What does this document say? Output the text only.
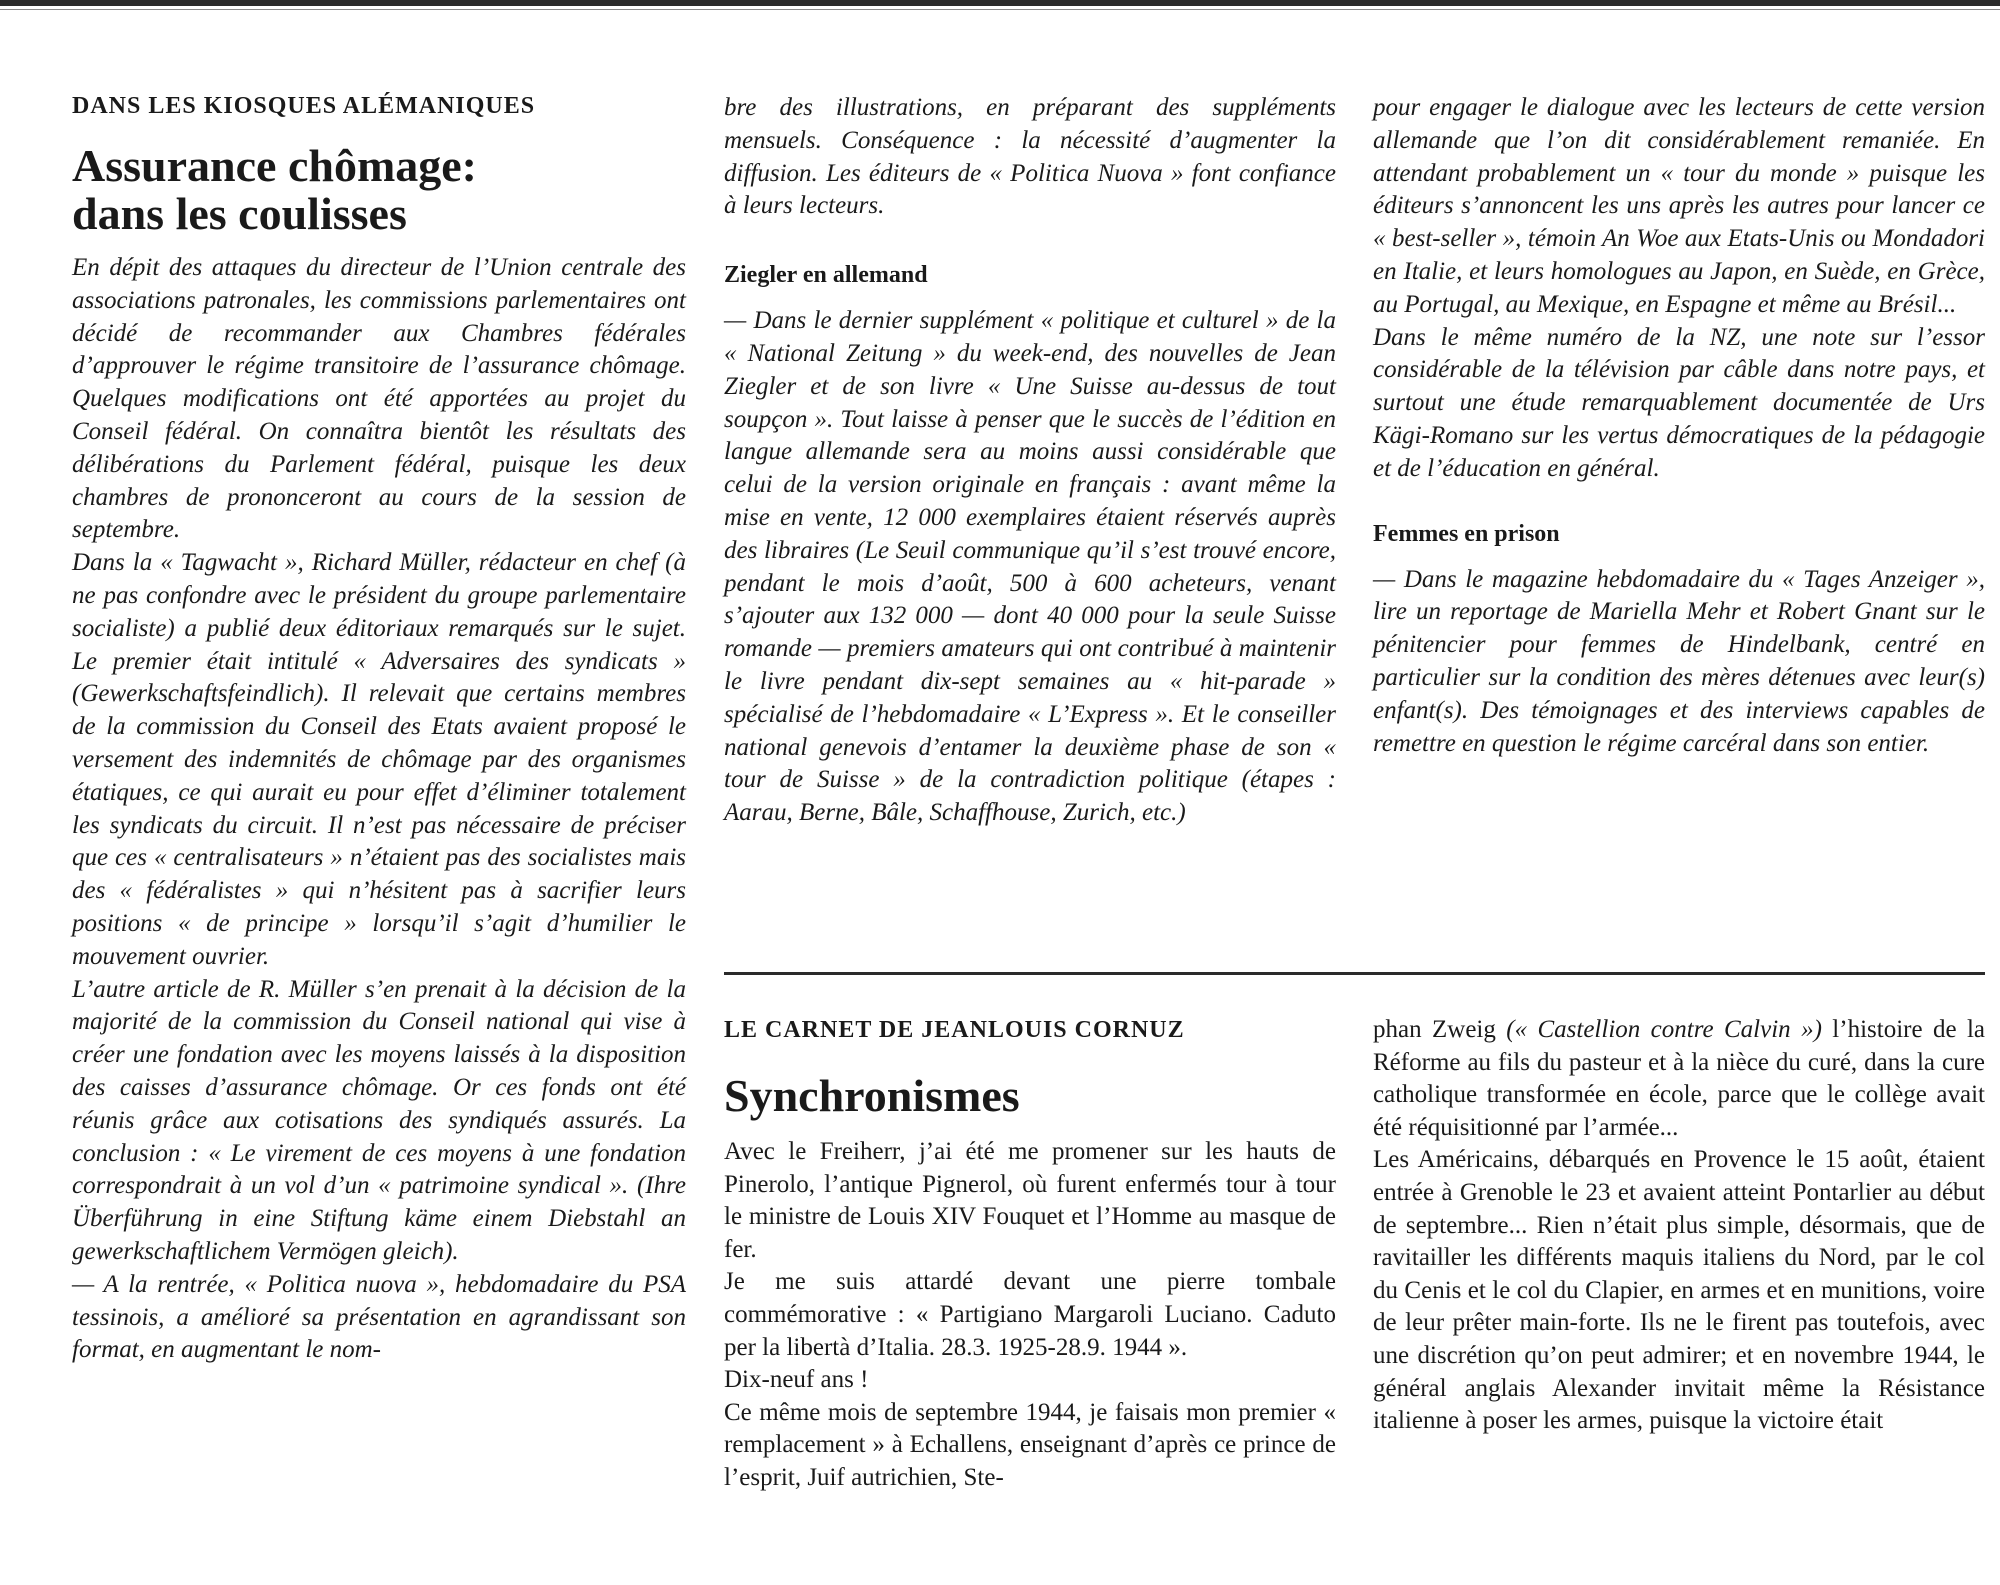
DANS LES KIOSQUES ALÉMANIQUES
Assurance chômage:
dans les coulisses

En dépit des attaques du directeur de l’Union centrale des associations patronales, les commissions parlementaires ont décidé de recommander aux Chambres fédérales d’approuver le régime transitoire de l’assurance chômage. Quelques modifications ont été apportées au projet du Conseil fédéral. On connaîtra bientôt les résultats des délibérations du Parlement fédéral, puisque les deux chambres de prononceront au cours de la session de septembre.

Dans la « Tagwacht », Richard Müller, rédacteur en chef (à ne pas confondre avec le président du groupe parlementaire socialiste) a publié deux éditoriaux remarqués sur le sujet. Le premier était intitulé « Adversaires des syndicats » (Gewerkschaftsfeindlich). Il relevait que certains membres de la commission du Conseil des Etats avaient proposé le versement des indemnités de chômage par des organismes étatiques, ce qui aurait eu pour effet d’éliminer totalement les syndicats du circuit. Il n’est pas nécessaire de préciser que ces « centralisateurs » n’étaient pas des socialistes mais des « fédéralistes » qui n’hésitent pas à sacrifier leurs positions « de principe » lorsqu’il s’agit d’humilier le mouvement ouvrier.

L’autre article de R. Müller s’en prenait à la décision de la majorité de la commission du Conseil national qui vise à créer une fondation avec les moyens laissés à la disposition des caisses d’assurance chômage. Or ces fonds ont été réunis grâce aux cotisations des syndiqués assurés. La conclusion : « Le virement de ces moyens à une fondation correspondrait à un vol d’un « patrimoine syndical ». (Ihre Überführung in eine Stiftung käme einem Diebstahl an gewerkschaftlichem Vermögen gleich).

— A la rentrée, « Politica nuova », hebdomadaire du PSA tessinois, a amélioré sa présentation en agrandissant son format, en augmentant le nom-

bre des illustrations, en préparant des suppléments mensuels. Conséquence : la nécessité d’augmenter la diffusion. Les éditeurs de « Politica Nuova » font confiance à leurs lecteurs.

Ziegler en allemand

— Dans le dernier supplément « politique et culturel » de la « National Zeitung » du week-end, des nouvelles de Jean Ziegler et de son livre « Une Suisse au-dessus de tout soupçon ». Tout laisse à penser que le succès de l’édition en langue allemande sera au moins aussi considérable que celui de la version originale en français : avant même la mise en vente, 12 000 exemplaires étaient réservés auprès des libraires (Le Seuil communique qu’il s’est trouvé encore, pendant le mois d’août, 500 à 600 acheteurs, venant s’ajouter aux 132 000 — dont 40 000 pour la seule Suisse romande — premiers amateurs qui ont contribué à maintenir le livre pendant dix-sept semaines au « hit-parade » spécialisé de l’hebdomadaire « L’Express ». Et le conseiller national genevois d’entamer la deuxième phase de son « tour de Suisse » de la contradiction politique (étapes : Aarau, Berne, Bâle, Schaffhouse, Zurich, etc.)

pour engager le dialogue avec les lecteurs de cette version allemande que l’on dit considérablement remaniée. En attendant probablement un « tour du monde » puisque les éditeurs s’annoncent les uns après les autres pour lancer ce « best-seller », témoin An Woe aux Etats-Unis ou Mondadori en Italie, et leurs homologues au Japon, en Suède, en Grèce, au Portugal, au Mexique, en Espagne et même au Brésil...

Dans le même numéro de la NZ, une note sur l’essor considérable de la télévision par câble dans notre pays, et surtout une étude remarquablement documentée de Urs Kägi-Romano sur les vertus démocratiques de la pédagogie et de l’éducation en général.

Femmes en prison

— Dans le magazine hebdomadaire du « Tages Anzeiger », lire un reportage de Mariella Mehr et Robert Gnant sur le pénitencier pour femmes de Hindelbank, centré en particulier sur la condition des mères détenues avec leur(s) enfant(s). Des témoignages et des interviews capables de remettre en question le régime carcéral dans son entier.

LE CARNET DE JEANLOUIS CORNUZ
Synchronismes

Avec le Freiherr, j’ai été me promener sur les hauts de Pinerolo, l’antique Pignerol, où furent enfermés tour à tour le ministre de Louis XIV Fouquet et l’Homme au masque de fer.

Je me suis attardé devant une pierre tombale commémorative : « Partigiano Margaroli Luciano. Caduto per la libertà d’Italia. 28.3. 1925-28.9. 1944 ».

Dix-neuf ans !

Ce même mois de septembre 1944, je faisais mon premier « remplacement » à Echallens, enseignant d’après ce prince de l’esprit, Juif autrichien, Ste-

phan Zweig (« Castellion contre Calvin ») l’histoire de la Réforme au fils du pasteur et à la nièce du curé, dans la cure catholique transformée en école, parce que le collège avait été réquisitionné par l’armée...

Les Américains, débarqués en Provence le 15 août, étaient entrée à Grenoble le 23 et avaient atteint Pontarlier au début de septembre... Rien n’était plus simple, désormais, que de ravitailler les différents maquis italiens du Nord, par le col du Cenis et le col du Clapier, en armes et en munitions, voire de leur prêter main-forte. Ils ne le firent pas toutefois, avec une discrétion qu’on peut admirer; et en novembre 1944, le général anglais Alexander invitait même la Résistance italienne à poser les armes, puisque la victoire était
